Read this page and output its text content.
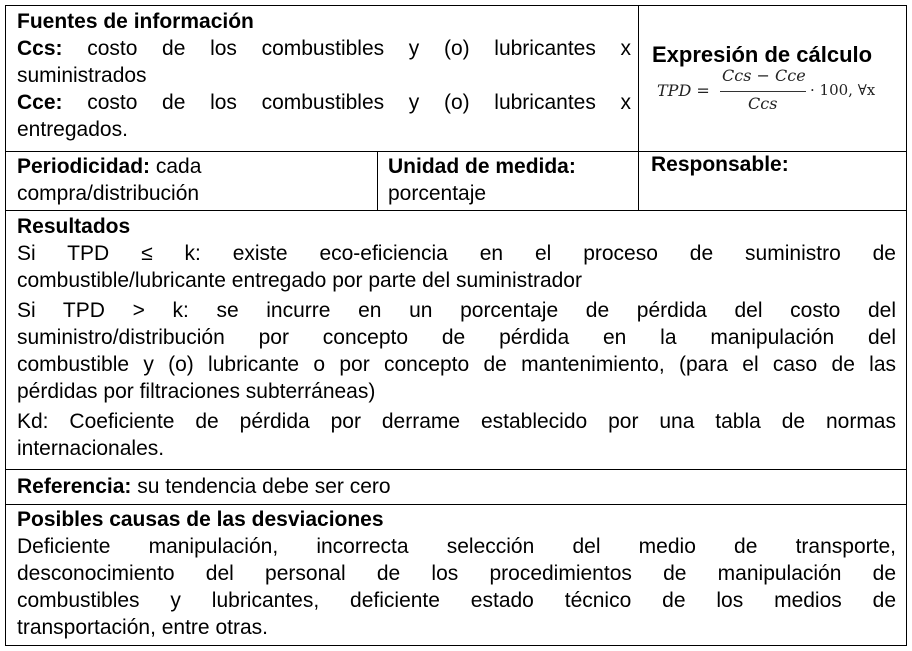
Fuentes de información
Ccs: costo de los combustibles y (o) lubricantes x
suministrados
Cce: costo de los combustibles y (o) lubricantes x
entregados.
Expresión de cálculo
TPD =
Ccs − Cce
Ccs
· 100, ∀x
Periodicidad: cada
compra/distribución
Unidad de medida:
porcentaje
Responsable:
Resultados
Si TPD ≤ k: existe eco-eficiencia en el proceso de suministro de
combustible/lubricante entregado por parte del suministrador
Si TPD > k: se incurre en un porcentaje de pérdida del costo del
suministro/distribución por concepto de pérdida en la manipulación del
combustible y (o) lubricante o por concepto de mantenimiento, (para el caso de las
pérdidas por filtraciones subterráneas)
Kd: Coeficiente de pérdida por derrame establecido por una tabla de normas
internacionales.
Referencia: su tendencia debe ser cero
Posibles causas de las desviaciones
Deficiente manipulación, incorrecta selección del medio de transporte,
desconocimiento del personal de los procedimientos de manipulación de
combustibles y lubricantes, deficiente estado técnico de los medios de
transportación, entre otras.
